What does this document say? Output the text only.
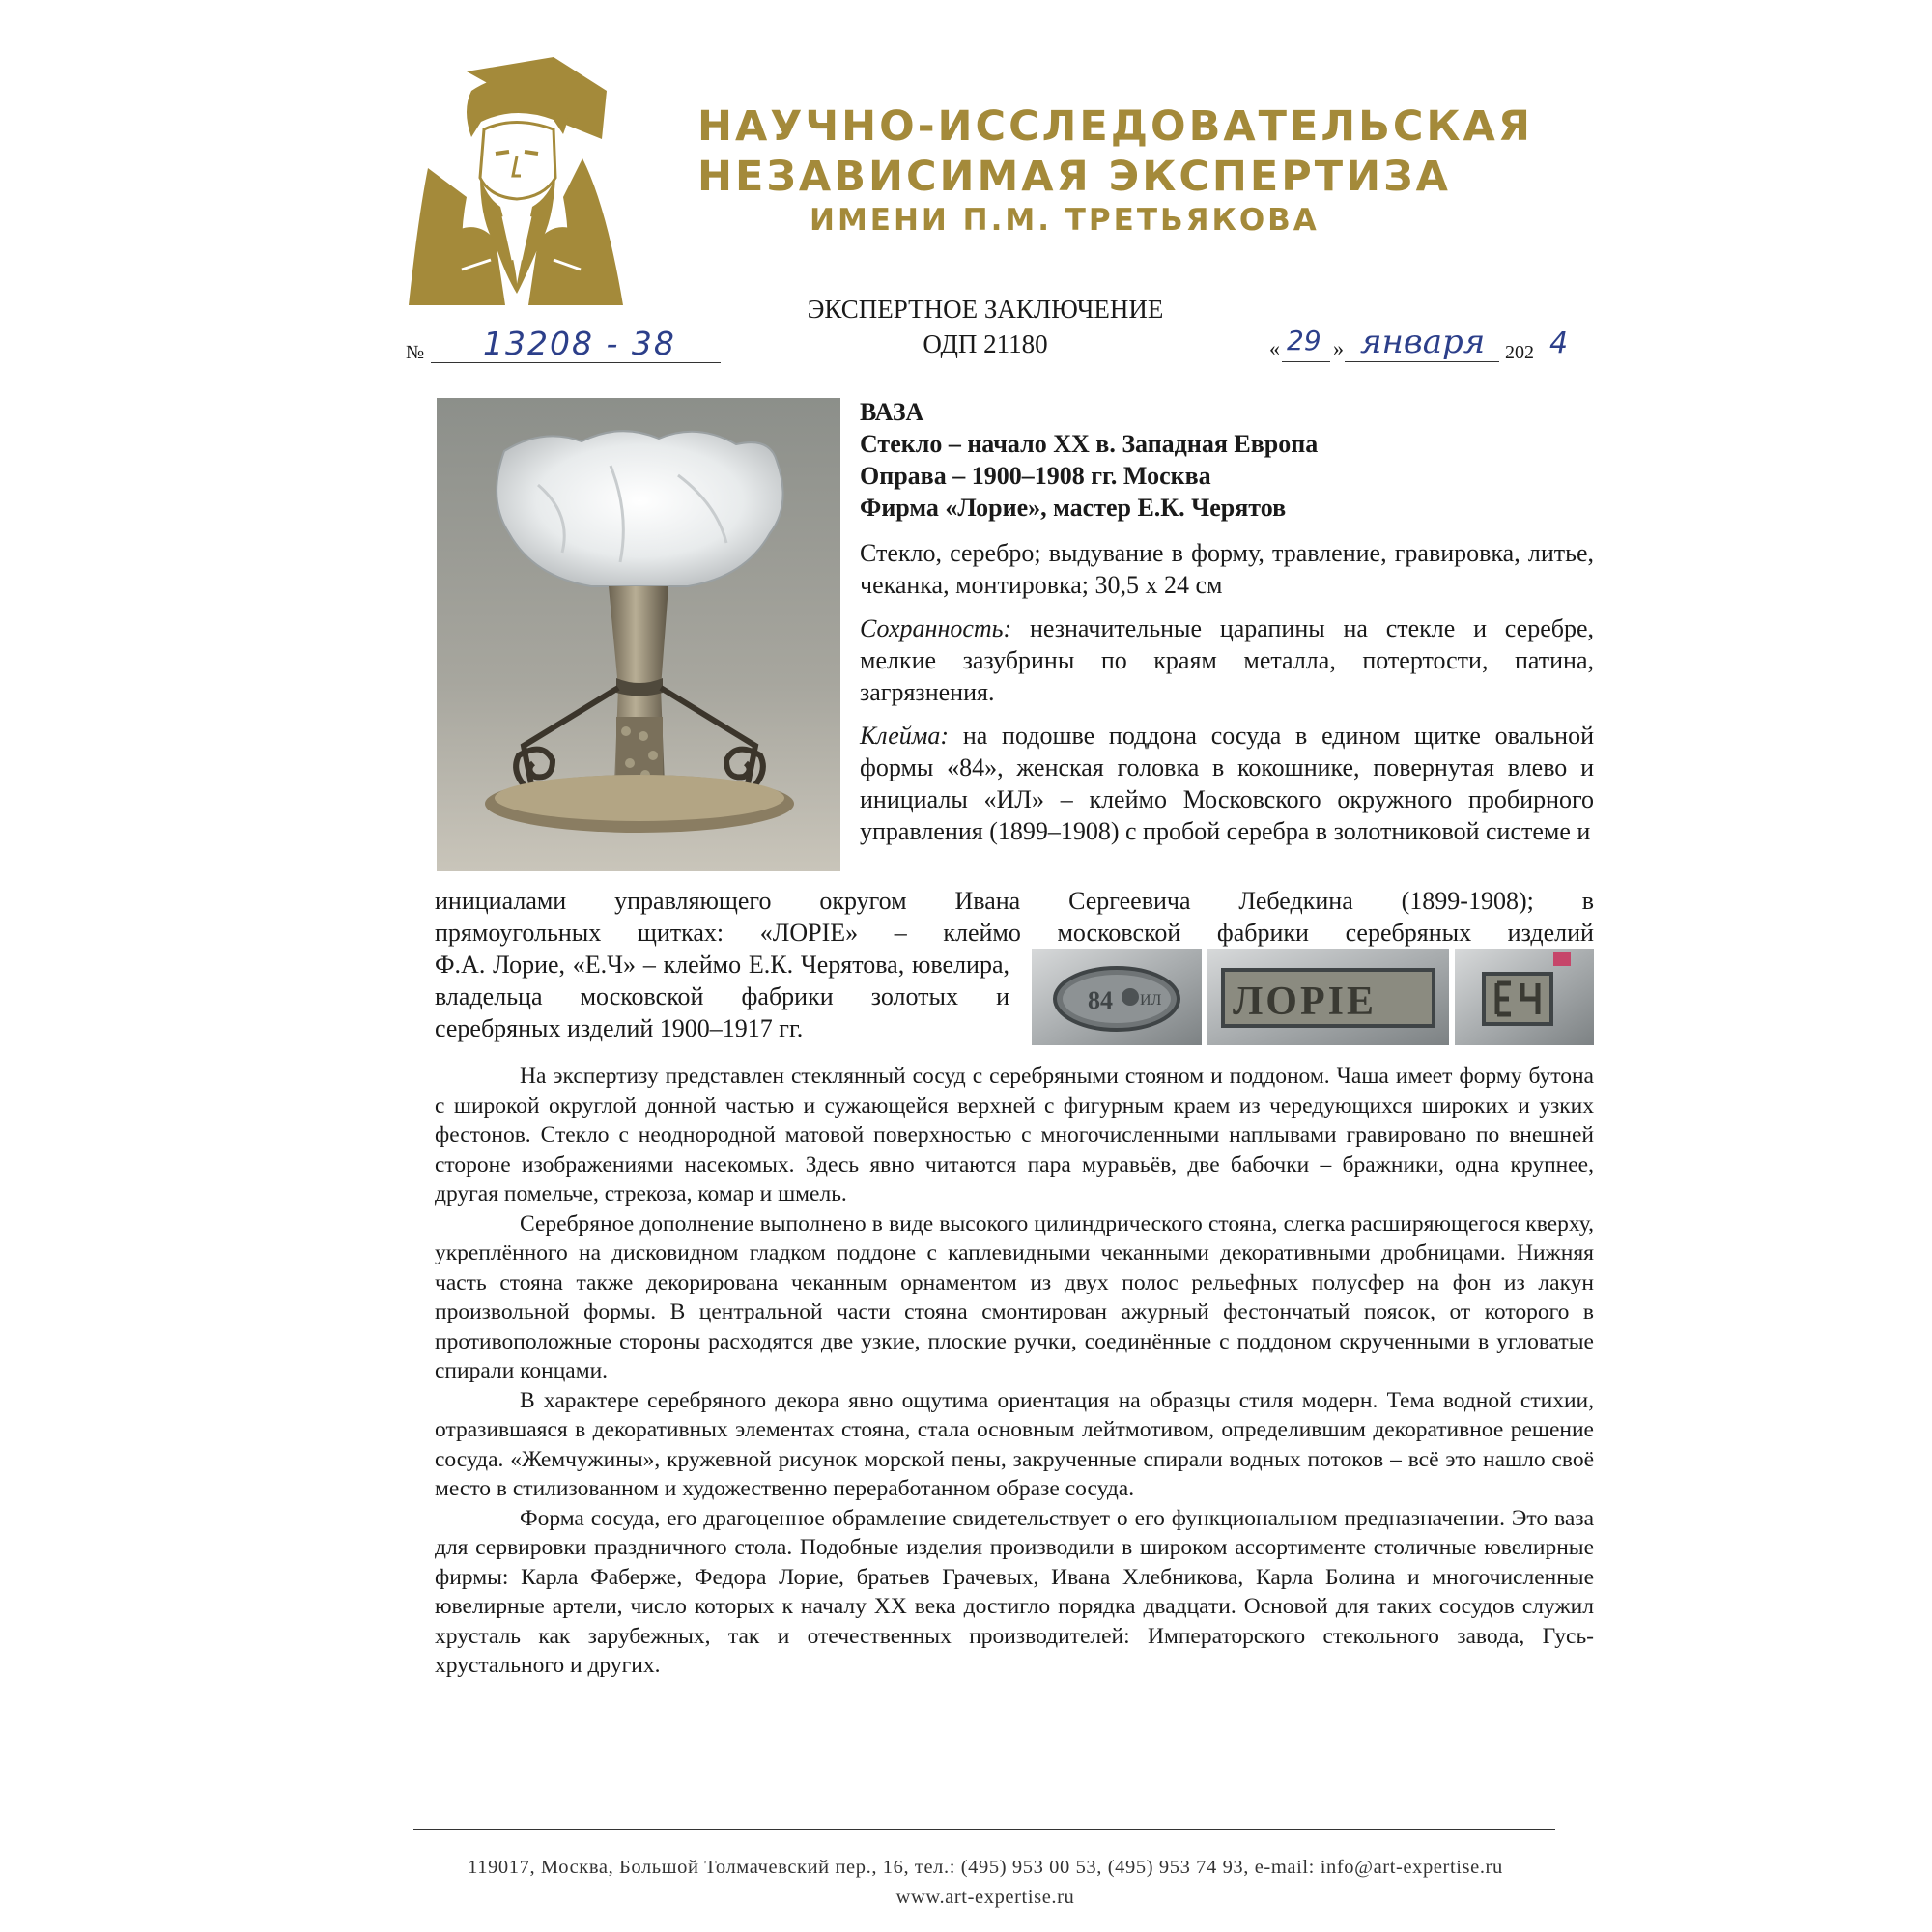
НАУЧНО-ИССЛЕДОВАТЕЛЬСКАЯ
НЕЗАВИСИМАЯ ЭКСПЕРТИЗА
ИМЕНИ П.М. ТРЕТЬЯКОВА
ЭКСПЕРТНОЕ ЗАКЛЮЧЕНИЕ
ОДП 21180
№ 13208 - 38	« 29 » января 202 4
ВАЗА
Стекло – начало XX в. Западная Европа
Оправа – 1900–1908 гг. Москва
Фирма «Лорие», мастер Е.К. Черятов
Стекло, серебро; выдувание в форму, травление, гравировка, литье, чеканка, монтировка; 30,5 х 24 см
Сохранность: незначительные царапины на стекле и серебре, мелкие зазубрины по краям металла, потертости, патина, загрязнения.
Клейма: на подошве поддона сосуда в едином щитке овальной формы «84», женская головка в кокошнике, повернутая влево и инициалы «ИЛ» – клеймо Московского окружного пробирного управления (1899–1908) с пробой серебра в золотниковой системе и
инициалами управляющего округом Ивана Сергеевича Лебедкина (1899-1908); в
прямоугольных щитках: «ЛОРIЕ» – клеймо московской фабрики серебряных изделий
Ф.А. Лорие, «Е.Ч» – клеймо Е.К. Черятова, ювелира, владельца московской фабрики золотых и серебряных изделий 1900–1917 гг.
84 ИЛ ЛОРIЕ

На экспертизу представлен стеклянный сосуд с серебряными стояном и поддоном. Чаша имеет форму бутона с широкой округлой донной частью и сужающейся верхней с фигурным краем из чередующихся широких и узких фестонов. Стекло с неоднородной матовой поверхностью с многочисленными наплывами гравировано по внешней стороне изображениями насекомых. Здесь явно читаются пара муравьёв, две бабочки – бражники, одна крупнее, другая помельче, стрекоза, комар и шмель.

Серебряное дополнение выполнено в виде высокого цилиндрического стояна, слегка расширяющегося кверху, укреплённого на дисковидном гладком поддоне с каплевидными чеканными декоративными дробницами. Нижняя часть стояна также декорирована чеканным орнаментом из двух полос рельефных полусфер на фон из лакун произвольной формы. В центральной части стояна смонтирован ажурный фестончатый поясок, от которого в противоположные стороны расходятся две узкие, плоские ручки, соединённые с поддоном скрученными в угловатые спирали концами.

В характере серебряного декора явно ощутима ориентация на образцы стиля модерн. Тема водной стихии, отразившаяся в декоративных элементах стояна, стала основным лейтмотивом, определившим декоративное решение сосуда. «Жемчужины», кружевной рисунок морской пены, закрученные спирали водных потоков – всё это нашло своё место в стилизованном и художественно переработанном образе сосуда.

Форма сосуда, его драгоценное обрамление свидетельствует о его функциональном предназначении. Это ваза для сервировки праздничного стола. Подобные изделия производили в широком ассортименте столичные ювелирные фирмы: Карла Фаберже, Федора Лорие, братьев Грачевых, Ивана Хлебникова, Карла Болина и многочисленные ювелирные артели, число которых к началу XX века достигло порядка двадцати. Основой для таких сосудов служил хрусталь как зарубежных, так и отечественных производителей: Императорского стекольного завода, Гусь-хрустального и других.

119017, Москва, Большой Толмачевский пер., 16, тел.: (495) 953 00 53, (495) 953 74 93, e-mail: info@art-expertise.ru
www.art-expertise.ru
